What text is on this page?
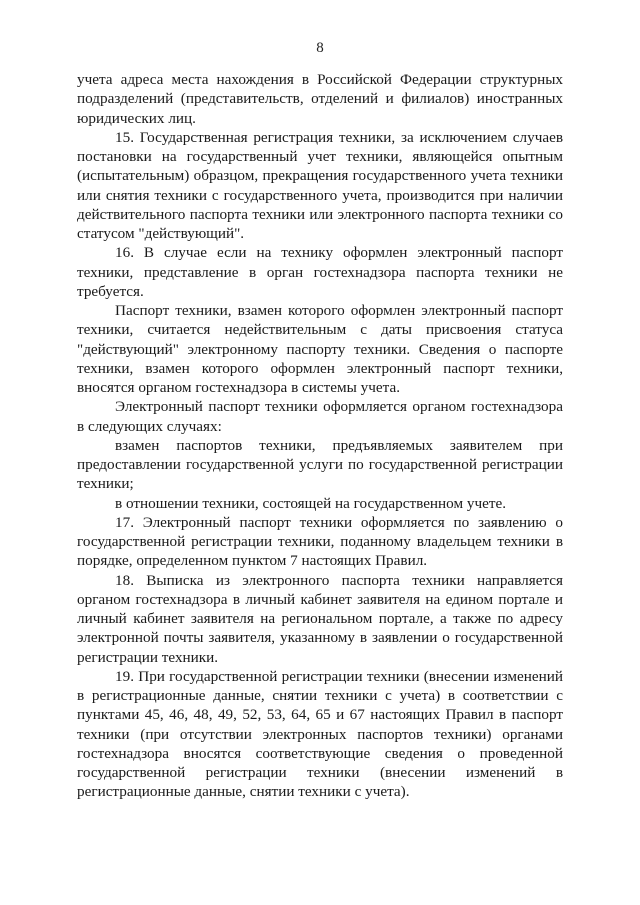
8

учета адреса места нахождения в Российской Федерации структурных подразделений (представительств, отделений и филиалов) иностранных юридических лиц.

15. Государственная регистрация техники, за исключением случаев постановки на государственный учет техники, являющейся опытным (испытательным) образцом, прекращения государственного учета техники или снятия техники с государственного учета, производится при наличии действительного паспорта техники или электронного паспорта техники со статусом "действующий".

16. В случае если на технику оформлен электронный паспорт техники, представление в орган гостехнадзора паспорта техники не требуется.

Паспорт техники, взамен которого оформлен электронный паспорт техники, считается недействительным с даты присвоения статуса "действующий" электронному паспорту техники. Сведения о паспорте техники, взамен которого оформлен электронный паспорт техники, вносятся органом гостехнадзора в системы учета.

Электронный паспорт техники оформляется органом гостехнадзора в следующих случаях:

взамен паспортов техники, предъявляемых заявителем при предоставлении государственной услуги по государственной регистрации техники;

в отношении техники, состоящей на государственном учете.

17. Электронный паспорт техники оформляется по заявлению о государственной регистрации техники, поданному владельцем техники в порядке, определенном пунктом 7 настоящих Правил.

18. Выписка из электронного паспорта техники направляется органом гостехнадзора в личный кабинет заявителя на едином портале и личный кабинет заявителя на региональном портале, а также по адресу электронной почты заявителя, указанному в заявлении о государственной регистрации техники.

19. При государственной регистрации техники (внесении изменений в регистрационные данные, снятии техники с учета) в соответствии с пунктами 45, 46, 48, 49, 52, 53, 64, 65 и 67 настоящих Правил в паспорт техники (при отсутствии электронных паспортов техники) органами гостехнадзора вносятся соответствующие сведения о проведенной государственной регистрации техники (внесении изменений в регистрационные данные, снятии техники с учета).
